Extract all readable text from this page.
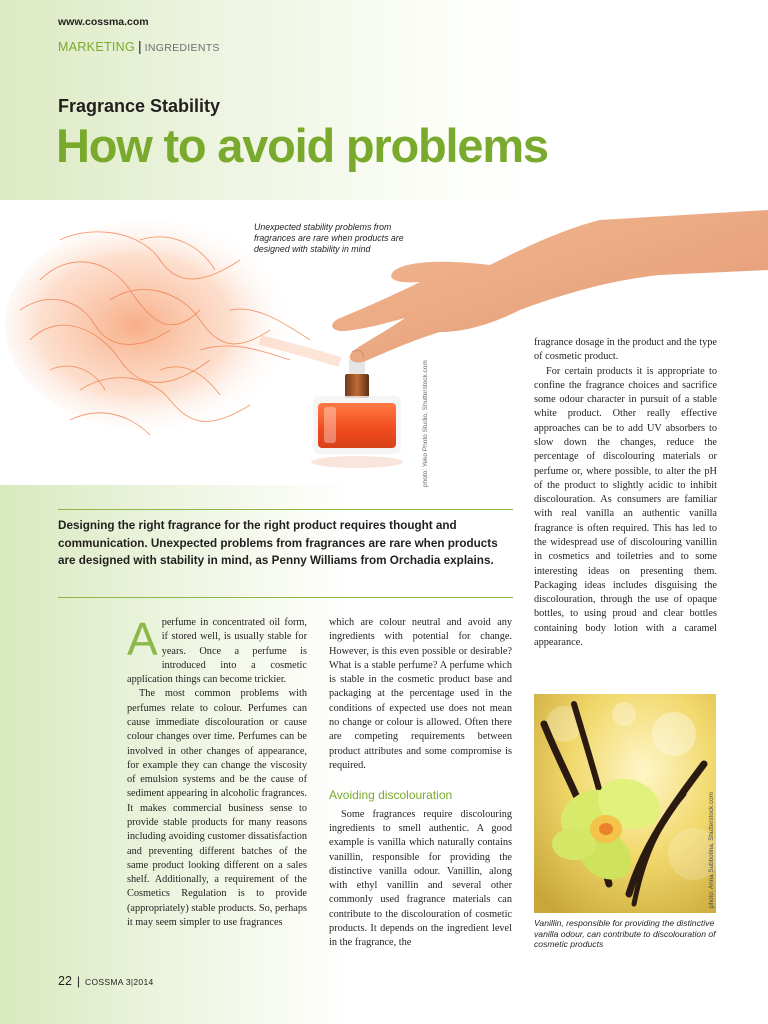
www.cossma.com
MARKETING | INGREDIENTS
Fragrance Stability
How to avoid problems
Unexpected stability problems from fragrances are rare when products are designed with stability in mind
photo: Yeko Photo Studio, Shutterstock.com
Designing the right fragrance for the right product requires thought and communication. Unexpected problems from fragrances are rare when products are designed with stability in mind, as Penny Williams from Orchadia explains.

Aperfume in concentrated oil form, if stored well, is usually stable for years. Once a perfume is introduced into a cosmetic application things can become trickier.

The most common problems with perfumes relate to colour. Perfumes can cause immediate discolouration or cause colour changes over time. Perfumes can be involved in other changes of appearance, for example they can change the viscosity of emulsion systems and be the cause of sediment appearing in alcoholic fragrances. It makes commercial business sense to provide stable products for many reasons including avoiding customer dissatisfaction and preventing different batches of the same product looking different on a sales shelf. Additionally, a requirement of the Cosmetics Regulation is to provide (appropriately) stable products. So, perhaps it may seem simpler to use fragrances

which are colour neutral and avoid any ingredients with potential for change. However, is this even possible or desirable? What is a stable perfume? A perfume which is stable in the cosmetic product base and packaging at the percentage used in the conditions of expected use does not mean no change or colour is allowed. Often there are competing requirements between product attributes and some compromise is required.

Avoiding discolouration

Some fragrances require discolouring ingredients to smell authentic. A good example is vanilla which naturally contains vanillin, responsible for providing the distinctive vanilla odour. Vanillin, along with ethyl vanillin and several other commonly used fragrance materials can contribute to the discolouration of cosmetic products. It depends on the ingredient level in the fragrance, the

fragrance dosage in the product and the type of cosmetic product.

For certain products it is appropriate to confine the fragrance choices and sacrifice some odour character in pursuit of a stable white product. Other really effective approaches can be to add UV absorbers to slow down the changes, reduce the percentage of discolouring materials or perfume or, where possible, to alter the pH of the product to slightly acidic to inhibit discolouration. As consumers are familiar with real vanilla an authentic vanilla fragrance is often required. This has led to the widespread use of discolouring vanillin in cosmetics and toiletries and to some interesting ideas on presenting them. Packaging ideas includes disguising the discolouration, through the use of opaque bottles, to using proud and clear bottles containing body lotion with a caramel appearance.

photo: Anna Subbotina, Shutterstock.com
Vanillin, responsible for providing the distinctive vanilla odour, can contribute to discolouration of cosmetic products
22 | COSSMA 3|2014
